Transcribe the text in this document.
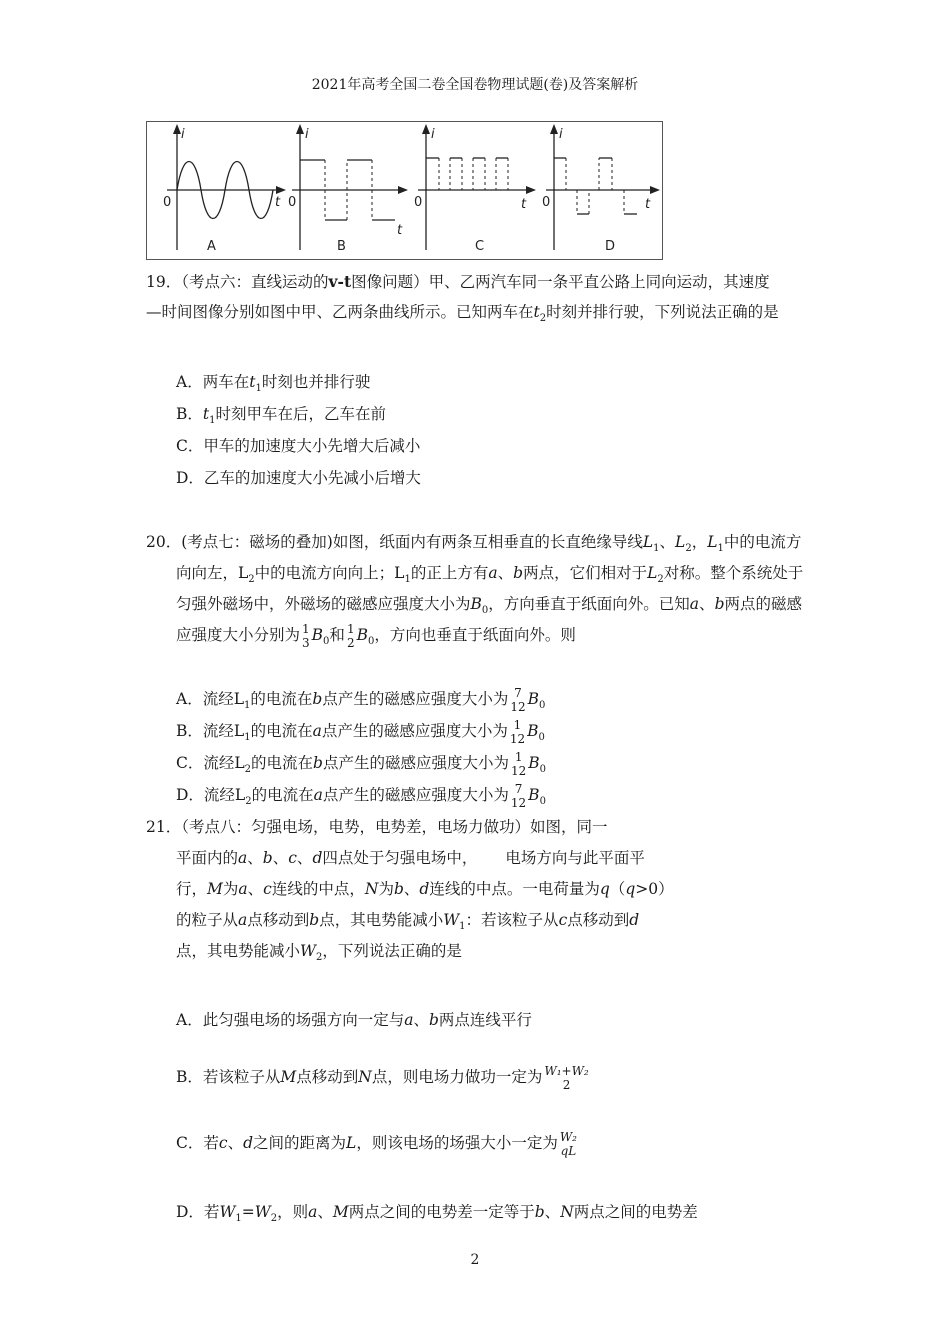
2021年高考全国二卷全国卷物理试题(卷)及答案解析
i
t
0
A
i
t
0
B
i
t
0
C
i
t
0
D
19．（考点六：直线运动的v-t图像问题）甲、乙两汽车同一条平直公路上同向运动，其速度
—时间图像分别如图中甲、乙两条曲线所示。已知两车在$t_2$时刻并排行驶，下列说法正确的是
A．两车在$t_1$时刻也并排行驶
B．$t_1$时刻甲车在后，乙车在前
C．甲车的加速度大小先增大后减小
D．乙车的加速度大小先减小后增大
20．(考点七：磁场的叠加)如图，纸面内有两条互相垂直的长直绝缘导线$L_1$、$L_2$，$L_1$中的电流方
向向左，$L_2$中的电流方向向上；$L_1$的正上方有a、b两点，它们相对于$L_2$对称。整个系统处于
匀强外磁场中，外磁场的磁感应强度大小为$B_0$，方向垂直于纸面向外。已知a、b两点的磁感
应强度大小分别为 1
3 $B_0$和 1
2 $B_0$，方向也垂直于纸面向外。则
A．流经$L_1$的电流在b点产生的磁感应强度大小为 7
12 $B_0$
B．流经$L_1$的电流在a点产生的磁感应强度大小为 1
12 $B_0$
C．流经$L_2$的电流在b点产生的磁感应强度大小为 1
12 $B_0$
D．流经$L_2$的电流在a点产生的磁感应强度大小为 7
12 $B_0$
21．（考点八：匀强电场，电势，电势差，电场力做功）如图，同一
平面内的a、b、c、d四点处于匀强电场中， 电场方向与此平面平
行，M为a、c连线的中点，N为b、d连线的中点。一电荷量为q（q>0）
的粒子从a点移动到b点，其电势能减小$W_1$：若该粒子从c点移动到d
点，其电势能减小$W_2$，下列说法正确的是
A．此匀强电场的场强方向一定与a、b两点连线平行
B．若该粒子从M点移动到N点，则电场力做功一定为 W₁+W₂
2
C．若c、d之间的距离为L，则该电场的场强大小一定为 W₂
qL
D．若$W_1=W_2$，则a、M两点之间的电势差一定等于b、N两点之间的电势差
2
